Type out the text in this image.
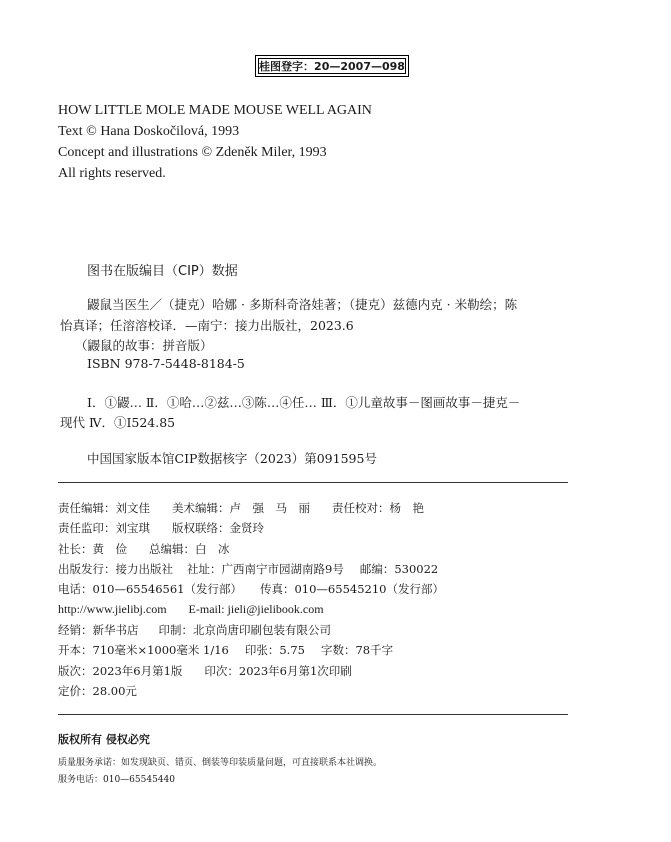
桂图登字：20—2007—098
HOW LITTLE MOLE MADE MOUSE WELL AGAIN
Text © Hana Doskočilová, 1993
Concept and illustrations © Zdeněk Miler, 1993
All rights reserved.
图书在版编目（CIP）数据
鼹鼠当医生／（捷克）哈娜 · 多斯科奇洛娃著；（捷克）兹德内克 · 米勒绘；陈
怡真译；任溶溶校译．—南宁：接力出版社，2023.6
（鼹鼠的故事：拼音版）
ISBN 978-7-5448-8184-5
Ⅰ．①鼹… Ⅱ．①哈…②兹…③陈…④任… Ⅲ．①儿童故事－图画故事－捷克－
现代 Ⅳ．①I524.85
中国国家版本馆CIP数据核字（2023）第091595号
责任编辑：刘文佳 美术编辑：卢　强　马　丽 责任校对：杨　艳
责任监印：刘宝琪 版权联络：金贤玲
社长：黄　俭 总编辑：白　冰
出版发行：接力出版社 社址：广西南宁市园湖南路9号 邮编：530022
电话：010—65546561（发行部） 传真：010—65545210（发行部）
http://www.jielibj.com E-mail: jieli@jielibook.com
经销：新华书店 印制：北京尚唐印刷包装有限公司
开本：710毫米×1000毫米 1/16 印张：5.75 字数：78千字
版次：2023年6月第1版 印次：2023年6月第1次印刷
定价：28.00元
版权所有 侵权必究
质量服务承诺：如发现缺页、错页、倒装等印装质量问题，可直接联系本社调换。
服务电话：010—65545440
